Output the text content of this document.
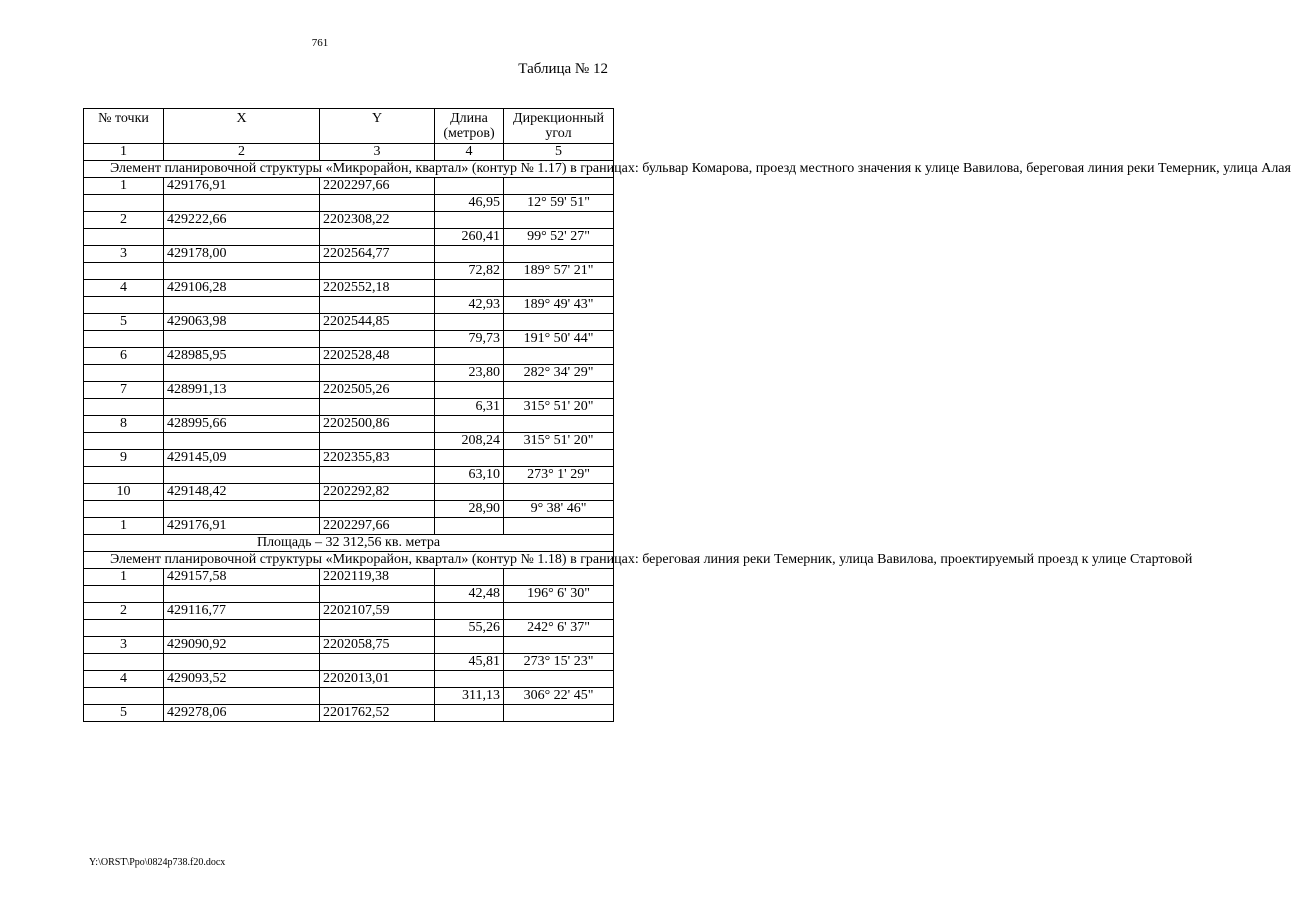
761
Таблица № 12
№ точки	X	Y	Длина (метров)	Дирекционный угол
1	2	3	4	5
Элемент планировочной структуры «Микрорайон, квартал» (контур № 1.17) в границах: бульвар Комарова, проезд местного значения к улице Вавилова, береговая линия реки Темерник, улица Алая				
1	429176,91	2202297,66		
			46,95	12° 59' 51"
2	429222,66	2202308,22		
			260,41	99° 52' 27"
3	429178,00	2202564,77		
			72,82	189° 57' 21"
4	429106,28	2202552,18		
			42,93	189° 49' 43"
5	429063,98	2202544,85		
			79,73	191° 50' 44"
6	428985,95	2202528,48		
			23,80	282° 34' 29"
7	428991,13	2202505,26		
			6,31	315° 51' 20"
8	428995,66	2202500,86		
			208,24	315° 51' 20"
9	429145,09	2202355,83		
			63,10	273° 1' 29"
10	429148,42	2202292,82		
			28,90	9° 38' 46"
1	429176,91	2202297,66		
Площадь – 32 312,56 кв. метра				
Элемент планировочной структуры «Микрорайон, квартал» (контур № 1.18) в границах: береговая линия реки Темерник, улица Вавилова, проектируемый проезд к улице Стартовой				
1	429157,58	2202119,38		
			42,48	196° 6' 30"
2	429116,77	2202107,59		
			55,26	242° 6' 37"
3	429090,92	2202058,75		
			45,81	273° 15' 23"
4	429093,52	2202013,01		
			311,13	306° 22' 45"
5	429278,06	2201762,52		
Y:\ORST\Ppo\0824p738.f20.docx
